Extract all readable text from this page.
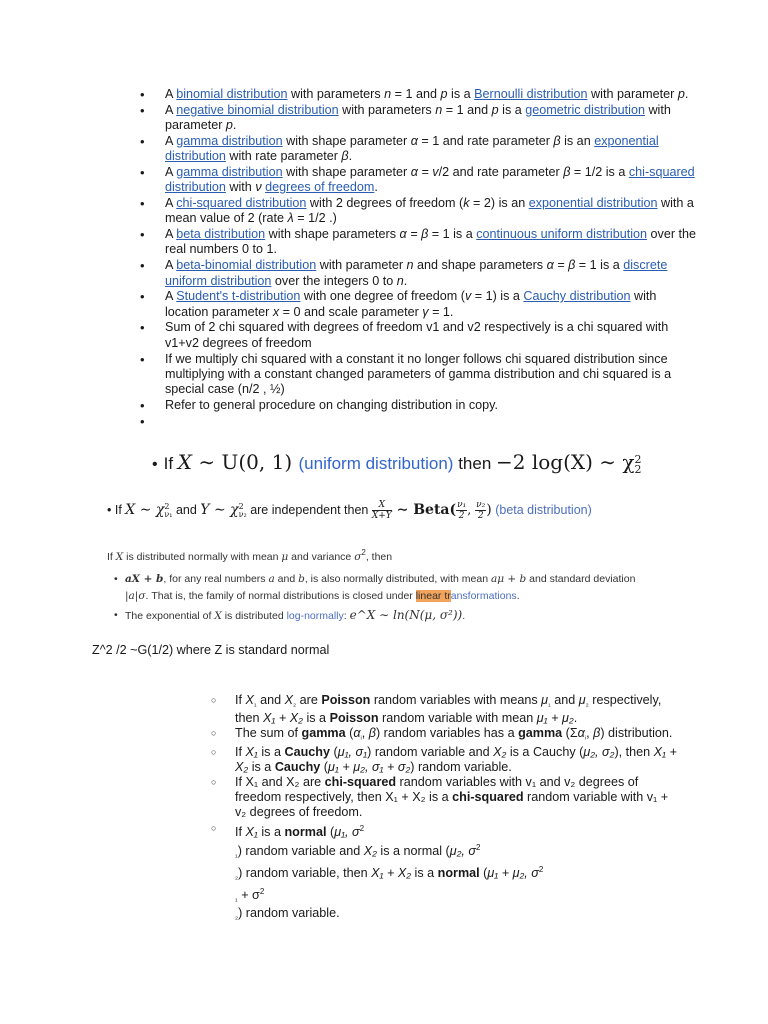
• A binomial distribution with parameters n = 1 and p is a Bernoulli distribution with parameter p.
• A negative binomial distribution with parameters n = 1 and p is a geometric distribution with parameter p.
• A gamma distribution with shape parameter α = 1 and rate parameter β is an exponential distribution with rate parameter β.
• A gamma distribution with shape parameter α = v/2 and rate parameter β = 1/2 is a chi-squared distribution with ν degrees of freedom.
• A chi-squared distribution with 2 degrees of freedom (k = 2) is an exponential distribution with a mean value of 2 (rate λ = 1/2 .)
• A beta distribution with shape parameters α = β = 1 is a continuous uniform distribution over the real numbers 0 to 1.
• A beta-binomial distribution with parameter n and shape parameters α = β = 1 is a discrete uniform distribution over the integers 0 to n.
• A Student's t-distribution with one degree of freedom (v = 1) is a Cauchy distribution with location parameter x = 0 and scale parameter γ = 1.
• Sum of 2 chi squared with degrees of freedom v1 and v2 respectively is a chi squared with v1+v2 degrees of freedom
• If we multiply chi squared with a constant it no longer follows chi squared distribution since multiplying with a constant changed parameters of gamma distribution and chi squared is a special case (n/2 , ½)
• Refer to general procedure on changing distribution in copy.
•
• If X ∼ U(0, 1) (uniform distribution) then −2 log(X) ∼ χ 2
2
• If X ∼ χ 2
ν₁ and Y ∼ χ 2
ν₂ are independent then $\frac{X}{X+Y}$ ∼ Beta( $\frac{\text{ν₁}}{2}$ , $\frac{\text{ν₂}}{2}$ ) (beta distribution)
If X is distributed normally with mean μ and variance $\sigma^2$, then
• aX + b, for any real numbers a and b, is also normally distributed, with mean aμ + b and standard deviation
|a|σ. That is, the family of normal distributions is closed under linear transformations.
• The exponential of X is distributed log-normally: e^X ∼ ln(N(μ, σ²)).
Z^2 /2 ~G(1/2) where Z is standard normal
○ If $X_{_1}$ and $X_{_2}$ are Poisson random variables with means $\mu_{_1}$ and $\mu_{_2}$ respectively, then X₁ + X₂ is a Poisson random variable with mean μ₁ + μ₂.
○ The sum of gamma ($\alpha_ᵢ$, β) random variables has a gamma ($\Sigma\alpha_ᵢ$, β) distribution.
○ If X₁ is a Cauchy (μ₁, σ₁) random variable and X₂ is a Cauchy (μ₂, σ₂), then X₁ + X₂ is a Cauchy (μ₁ + μ₂, σ₁ + σ₂) random variable.
○ If X₁ and X₂ are chi-squared random variables with v₁ and v₂ degrees of freedom respectively, then X₁ + X₂ is a chi-squared random variable with v₁ + v₂ degrees of freedom.
○ If X₁ is a normal (μ₁, $\sigma^2$
$_{_1}$) random variable and X₂ is a normal (μ₂, $\sigma^2$
$_{_2}$) random variable, then X₁ + X₂ is a normal (μ₁ + μ₂, $\sigma^2$
$_{_1} + \sigma^2$
$_{_2}$) random variable.
